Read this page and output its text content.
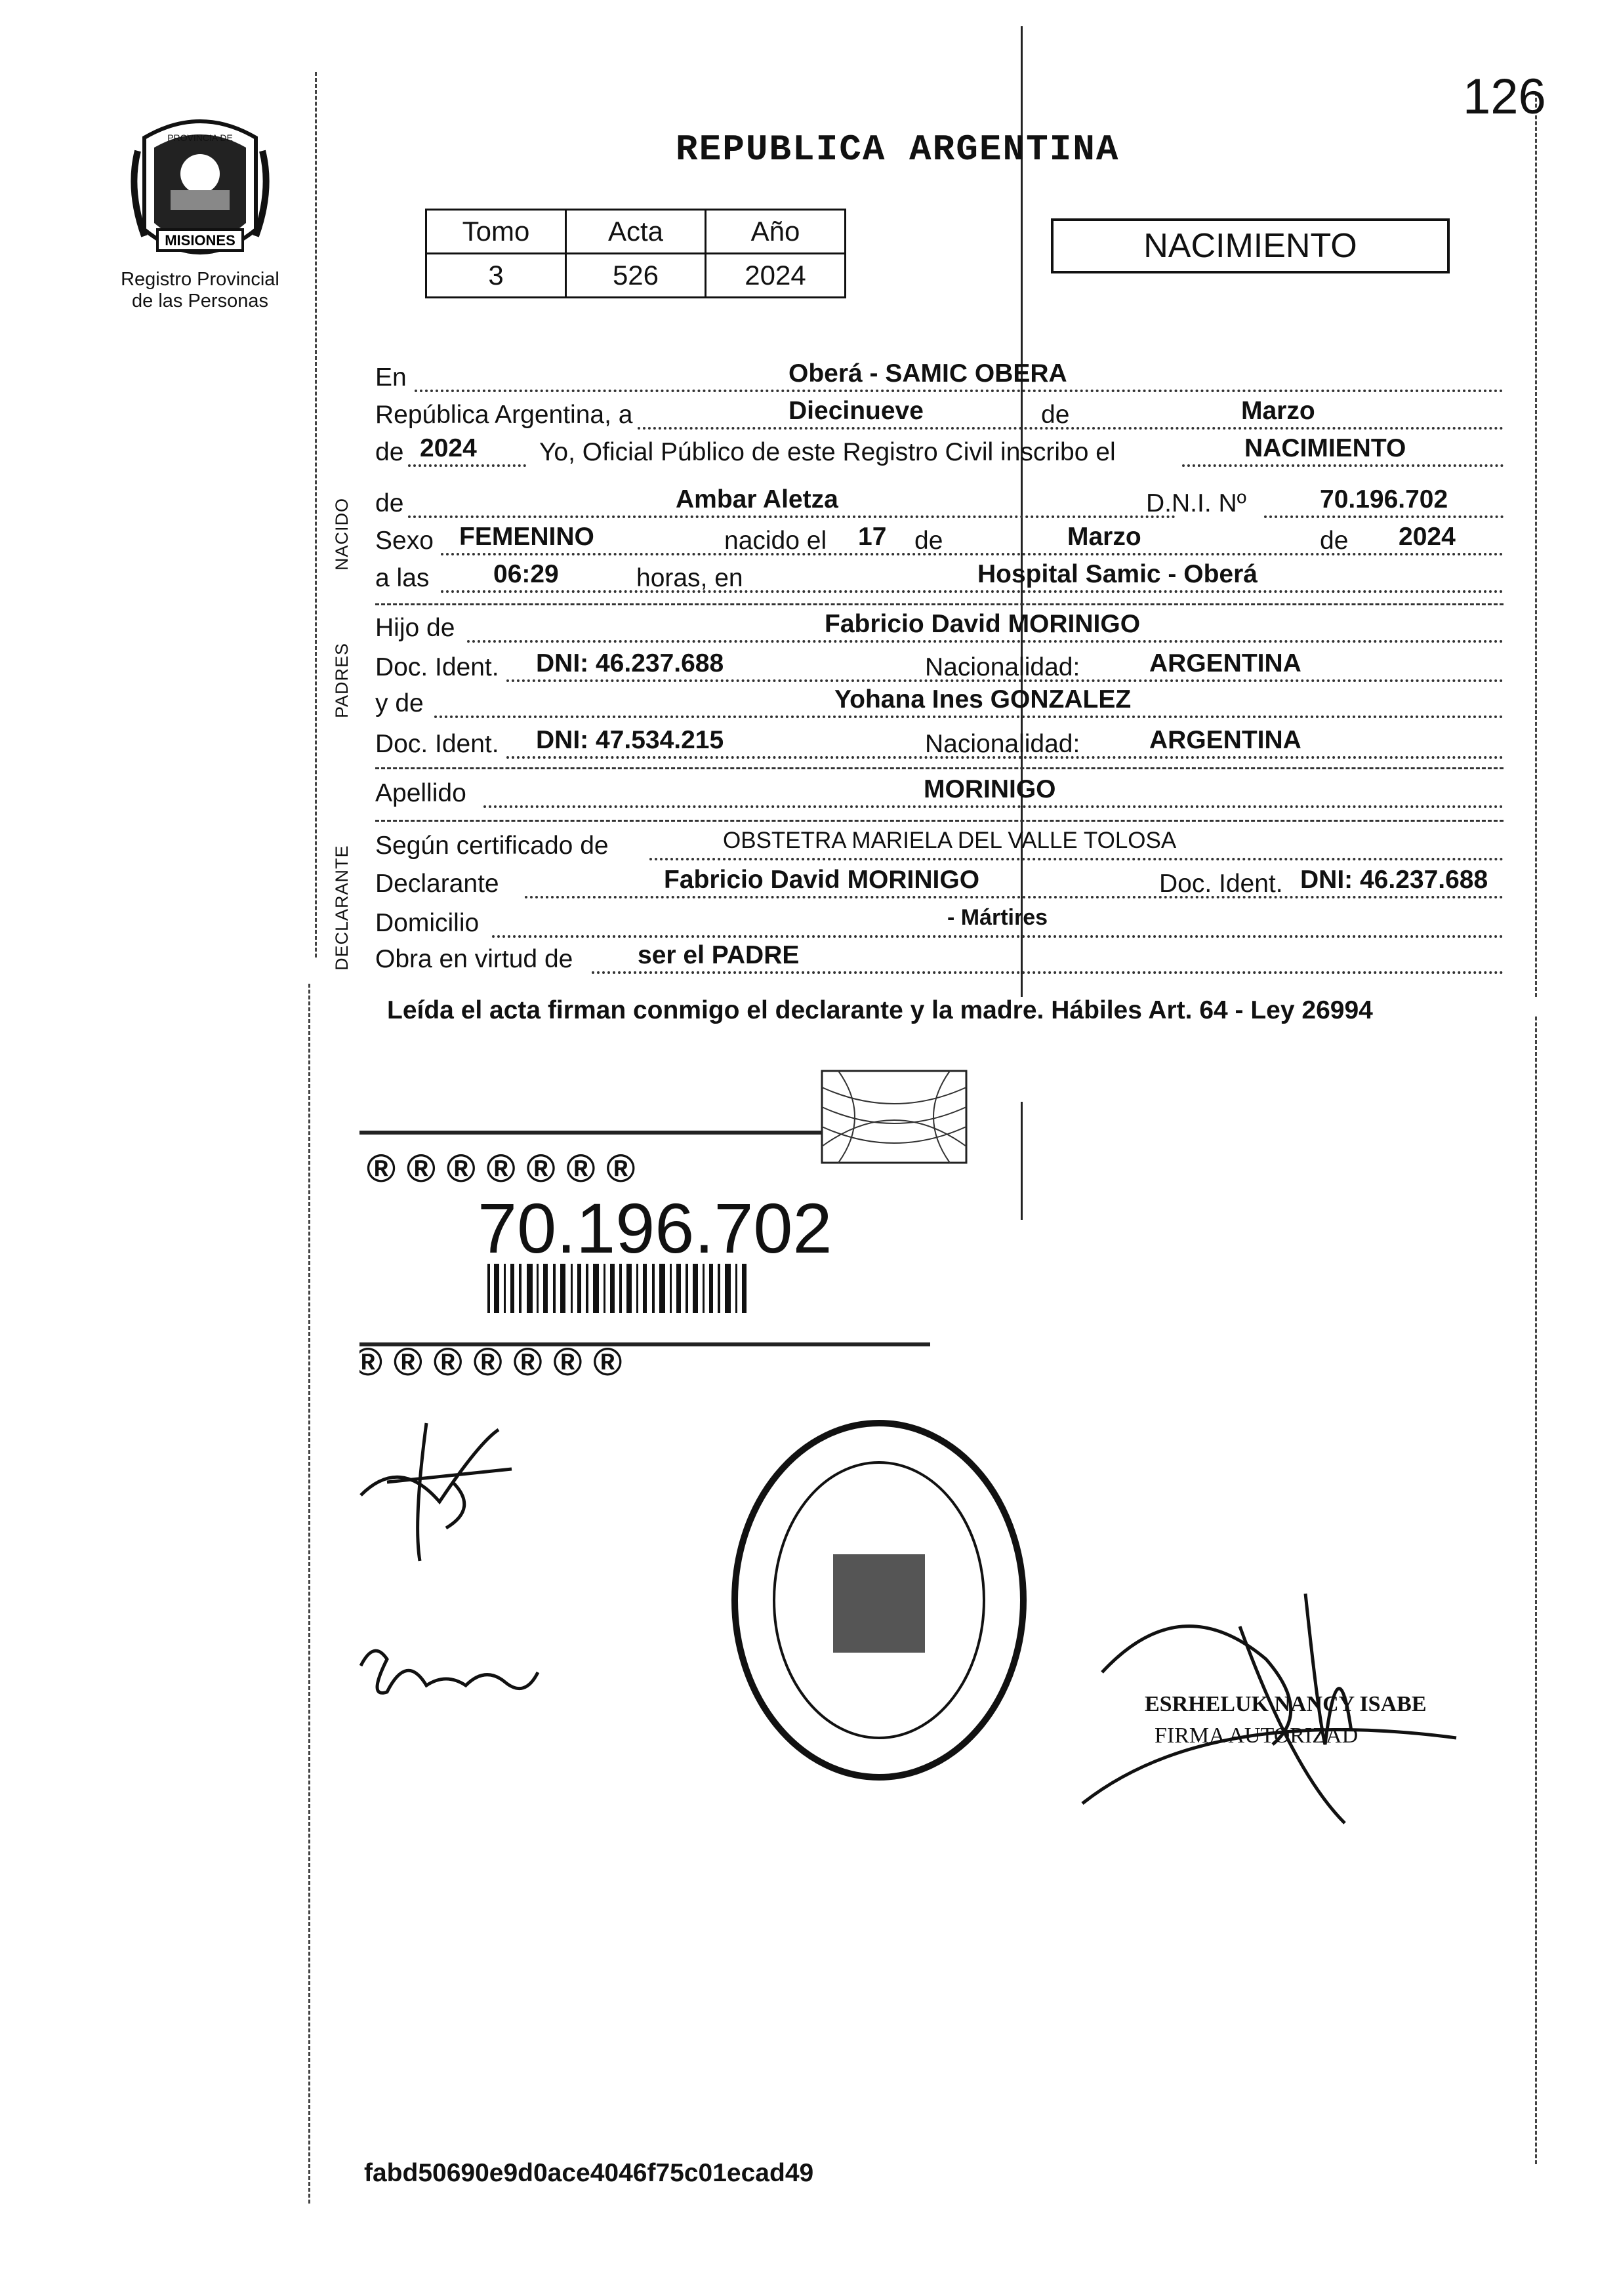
126
MISIONES
PROVINCIA DE
Registro Provincial
de las Personas
REPUBLICA ARGENTINA
Tomo	Acta	Año
3	526	2024
NACIMIENTO
NACIDO
PADRES
DECLARANTE
En	Oberá - SAMIC OBERA
República Argentina, a	Diecinueve	de	Marzo
de 2024 Yo, Oficial Público de este Registro Civil inscribo el	NACIMIENTO
de	Ambar Aletza	D.N.I. Nº	70.196.702
Sexo FEMENINO	nacido el 17 de	Marzo	de 2024
a las	06:29	horas, en	Hospital Samic - Oberá
Hijo de	Fabricio David MORINIGO
Doc. Ident. DNI: 46.237.688	Nacionalidad:	ARGENTINA
y de	Yohana Ines GONZALEZ
Doc. Ident. DNI: 47.534.215	Nacionalidad:	ARGENTINA
Apellido	MORINIGO
Según certificado de	OBSTETRA MARIELA DEL VALLE TOLOSA
Declarante	Fabricio David MORINIGO	Doc. Ident. DNI: 46.237.688
Domicilio	- Mártires
Obra en virtud de	ser el PADRE
Leída el acta firman conmigo el declarante y la madre. Hábiles Art. 64 - Ley 26994
® ® ® ® ® ® ®
® ® ® ® ® ® ®
70.196.702
ESRHELUK NANCY ISABE
FIRMA AUTORIZAD
fabd50690e9d0ace4046f75c01ecad49
